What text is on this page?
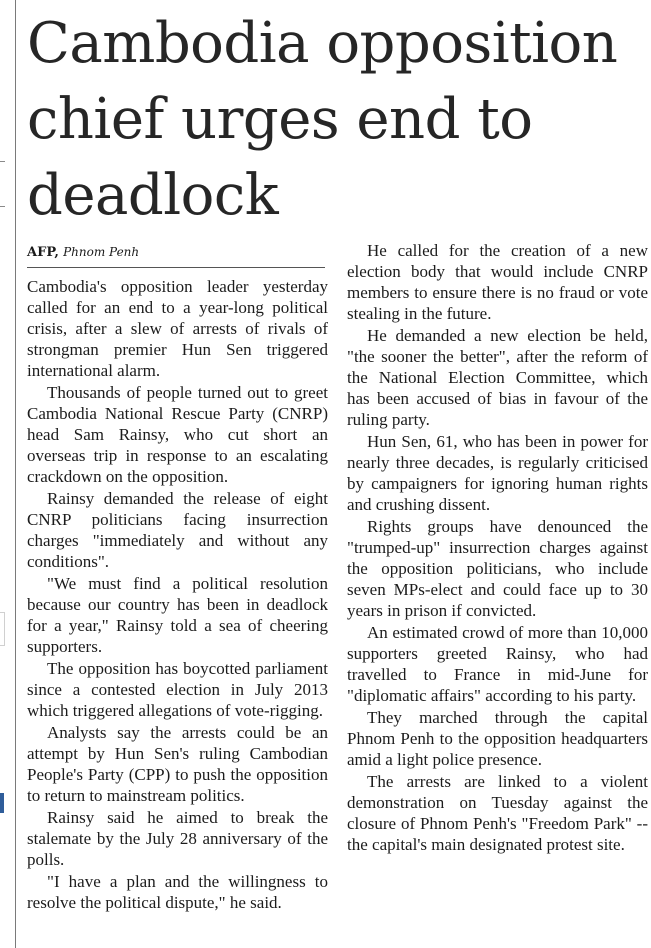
Cambodia opposition
chief urges end to
deadlock
AFP, Phnom Penh

Cambodia's opposition leader yesterday called for an end to a year-long political crisis, after a slew of arrests of rivals of strongman premier Hun Sen triggered international alarm.

Thousands of people turned out to greet Cambodia National Rescue Party (CNRP) head Sam Rainsy, who cut short an overseas trip in response to an escalating crackdown on the opposition.

Rainsy demanded the release of eight CNRP politicians facing insurrection charges "immediately and without any conditions".

"We must find a political resolution because our country has been in deadlock for a year," Rainsy told a sea of cheering supporters.

The opposition has boycotted parliament since a contested election in July 2013 which triggered allegations of vote-rigging.

Analysts say the arrests could be an attempt by Hun Sen's ruling Cambodian People's Party (CPP) to push the opposition to return to mainstream politics.

Rainsy said he aimed to break the stalemate by the July 28 anniversary of the polls.

"I have a plan and the willingness to resolve the political dispute," he said.

He called for the creation of a new election body that would include CNRP members to ensure there is no fraud or vote stealing in the future.

He demanded a new election be held, "the sooner the better", after the reform of the National Election Committee, which has been accused of bias in favour of the ruling party.

Hun Sen, 61, who has been in power for nearly three decades, is regularly criticised by campaigners for ignoring human rights and crushing dissent.

Rights groups have denounced the "trumped-up" insurrection charges against the opposition politicians, who include seven MPs-elect and could face up to 30 years in prison if convicted.

An estimated crowd of more than 10,000 supporters greeted Rainsy, who had travelled to France in mid-June for "diplomatic affairs" according to his party.

They marched through the capital Phnom Penh to the opposition headquarters amid a light police presence.

The arrests are linked to a violent demonstration on Tuesday against the closure of Phnom Penh's "Freedom Park" -- the capital's main designated protest site.
